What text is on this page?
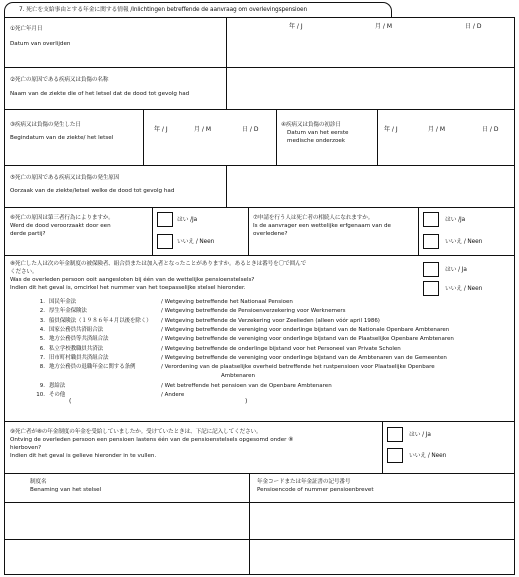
7. 死亡を支給事由とする年金に関する情報 /Inlichtingen betreffende de aanvraag om overlevingspensioen
①死亡年月日
Datum van overlijden
年 / J	月 / M	日 / D
②死亡の原因である疾病又は負傷の名称
Naam van de ziekte die of het letsel dat de dood tot gevolg had
③疾病又は負傷の発生した日
Begindatum van de ziekte/ het letsel
年 / J	月 / M	日 / D
④疾病又は負傷の初診日
Datum van het eerste
medische onderzoek
年 / J	月 / M	日 / D
⑤死亡の原因である疾病又は負傷の発生原因
Oorzaak van de ziekte/letsel welke de dood tot gevolg had
⑥死亡の原因は第三者行為によりますか。
Werd de dood veroorzaakt door een
derde partij?
はい /Ja
いいえ / Neen
⑦申請を行う人は死亡者の相続人になれますか。
Is de aanvrager een wettelijke erfgenaam van de
overledene?
はい /Ja
いいえ / Neen
⑧死亡した人は次の年金制度の被保険者、組合員または加入者となったことがありますか。あるときは番号を〇で囲んで
ください。
Was de overleden persoon ooit aangesloten bij één van de wettelijke pensioenstelsels?
Indien dit het geval is, omcirkel het nummer van het toepasselijke stelsel hieronder.
はい / Ja
いいえ / Neen
1. 国民年金法	/ Wetgeving betreffende het Nationaal Pensioen
2. 厚生年金保険法	/ Wetgeving betreffende de Pensioenverzekering voor Werknemers
3. 船員保険法（１９８６年４月以後を除く） / Wetgeving betreffende de Verzekering voor Zeelieden (alleen vóór april 1986)
4. 国家公務員共済組合法	/ Wetgeving betreffende de vereniging voor onderlinge bijstand van de Nationale Openbare Ambtenaren
5. 地方公務員等共済組合法	/ Wetgeving betreffende de vereniging voor onderlinge bijstand van de Plaatselijke Openbare Ambtenaren
6. 私立学校教職員共済法	/ Wetgeving betreffende de onderlinge bijstand voor het Personeel van Private Scholen
7. 旧市町村職員共済組合法	/ Wetgeving betreffende de vereniging voor onderlinge bijstand van de Ambtenaren van de Gemeenten
8. 地方公務員の退職年金に関する条例	/ Verordening van de plaatselijke overheid betreffende het rustpensioen voor Plaatselijke Openbare
Ambtenaren
9. 恩給法	/ Wet betreffende het pensioen van de Openbare Ambtenaren
10. その他	/ Andere
(	)
⑨死亡者が⑧の年金制度の年金を受給していましたか。受けていたときは、下記に記入してください。
Ontving de overleden persoon een pensioen lastens één van de pensioenstelsels opgesomd onder ⑧
hierboven?
Indien dit het geval is gelieve hieronder in te vullen.
はい / Ja
いいえ / Neen
制度名
Benaming van het stelsel
年金コードまたは年金証書の記号番号
Pensioencode of nummer pensioenbrevet
